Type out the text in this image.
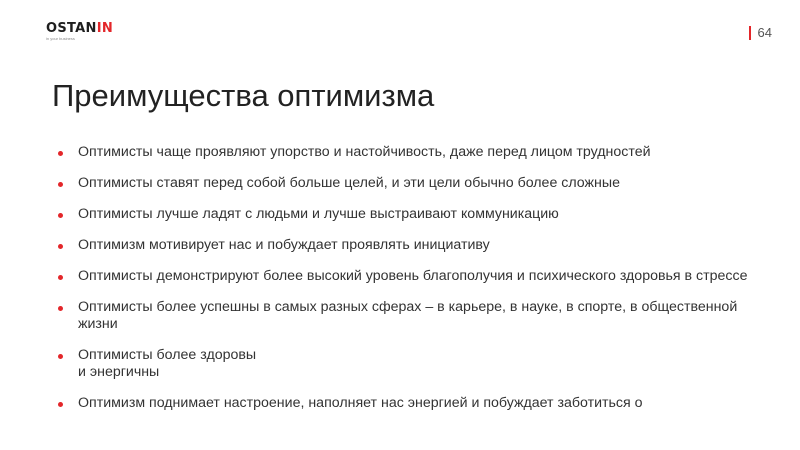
OSTANIN
in your business	64
Преимущества оптимизма
Оптимисты чаще проявляют упорство и настойчивость, даже перед лицом трудностей
Оптимисты ставят перед собой больше целей, и эти цели обычно более сложные
Оптимисты лучше ладят с людьми и лучше выстраивают коммуникацию
Оптимизм мотивирует нас и побуждает проявлять инициативу
Оптимисты демонстрируют более высокий уровень благополучия и психического здоровья в стрессе
Оптимисты более успешны в самых разных сферах – в карьере, в науке, в спорте, в общественной жизни
Оптимисты более здоровы
и энергичны
Оптимизм поднимает настроение, наполняет нас энергией и побуждает заботиться о
